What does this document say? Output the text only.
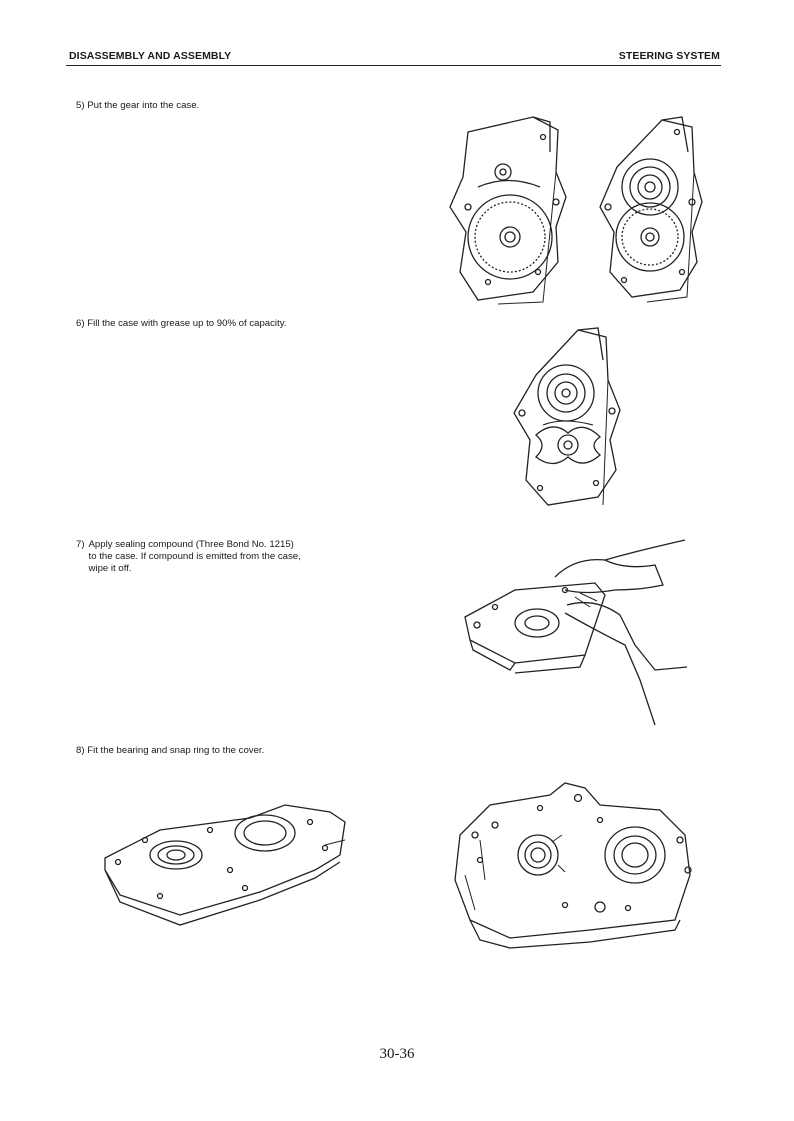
DISASSEMBLY AND ASSEMBLY	STEERING SYSTEM
5) Put the gear into the case.
6) Fill the case with grease up to 90% of capacity.
7) Apply sealing compound (Three Bond No. 1215)
to the case. If compound is emitted from the case,
wipe it off.
8) Fit the bearing and snap ring to the cover.
30-36
